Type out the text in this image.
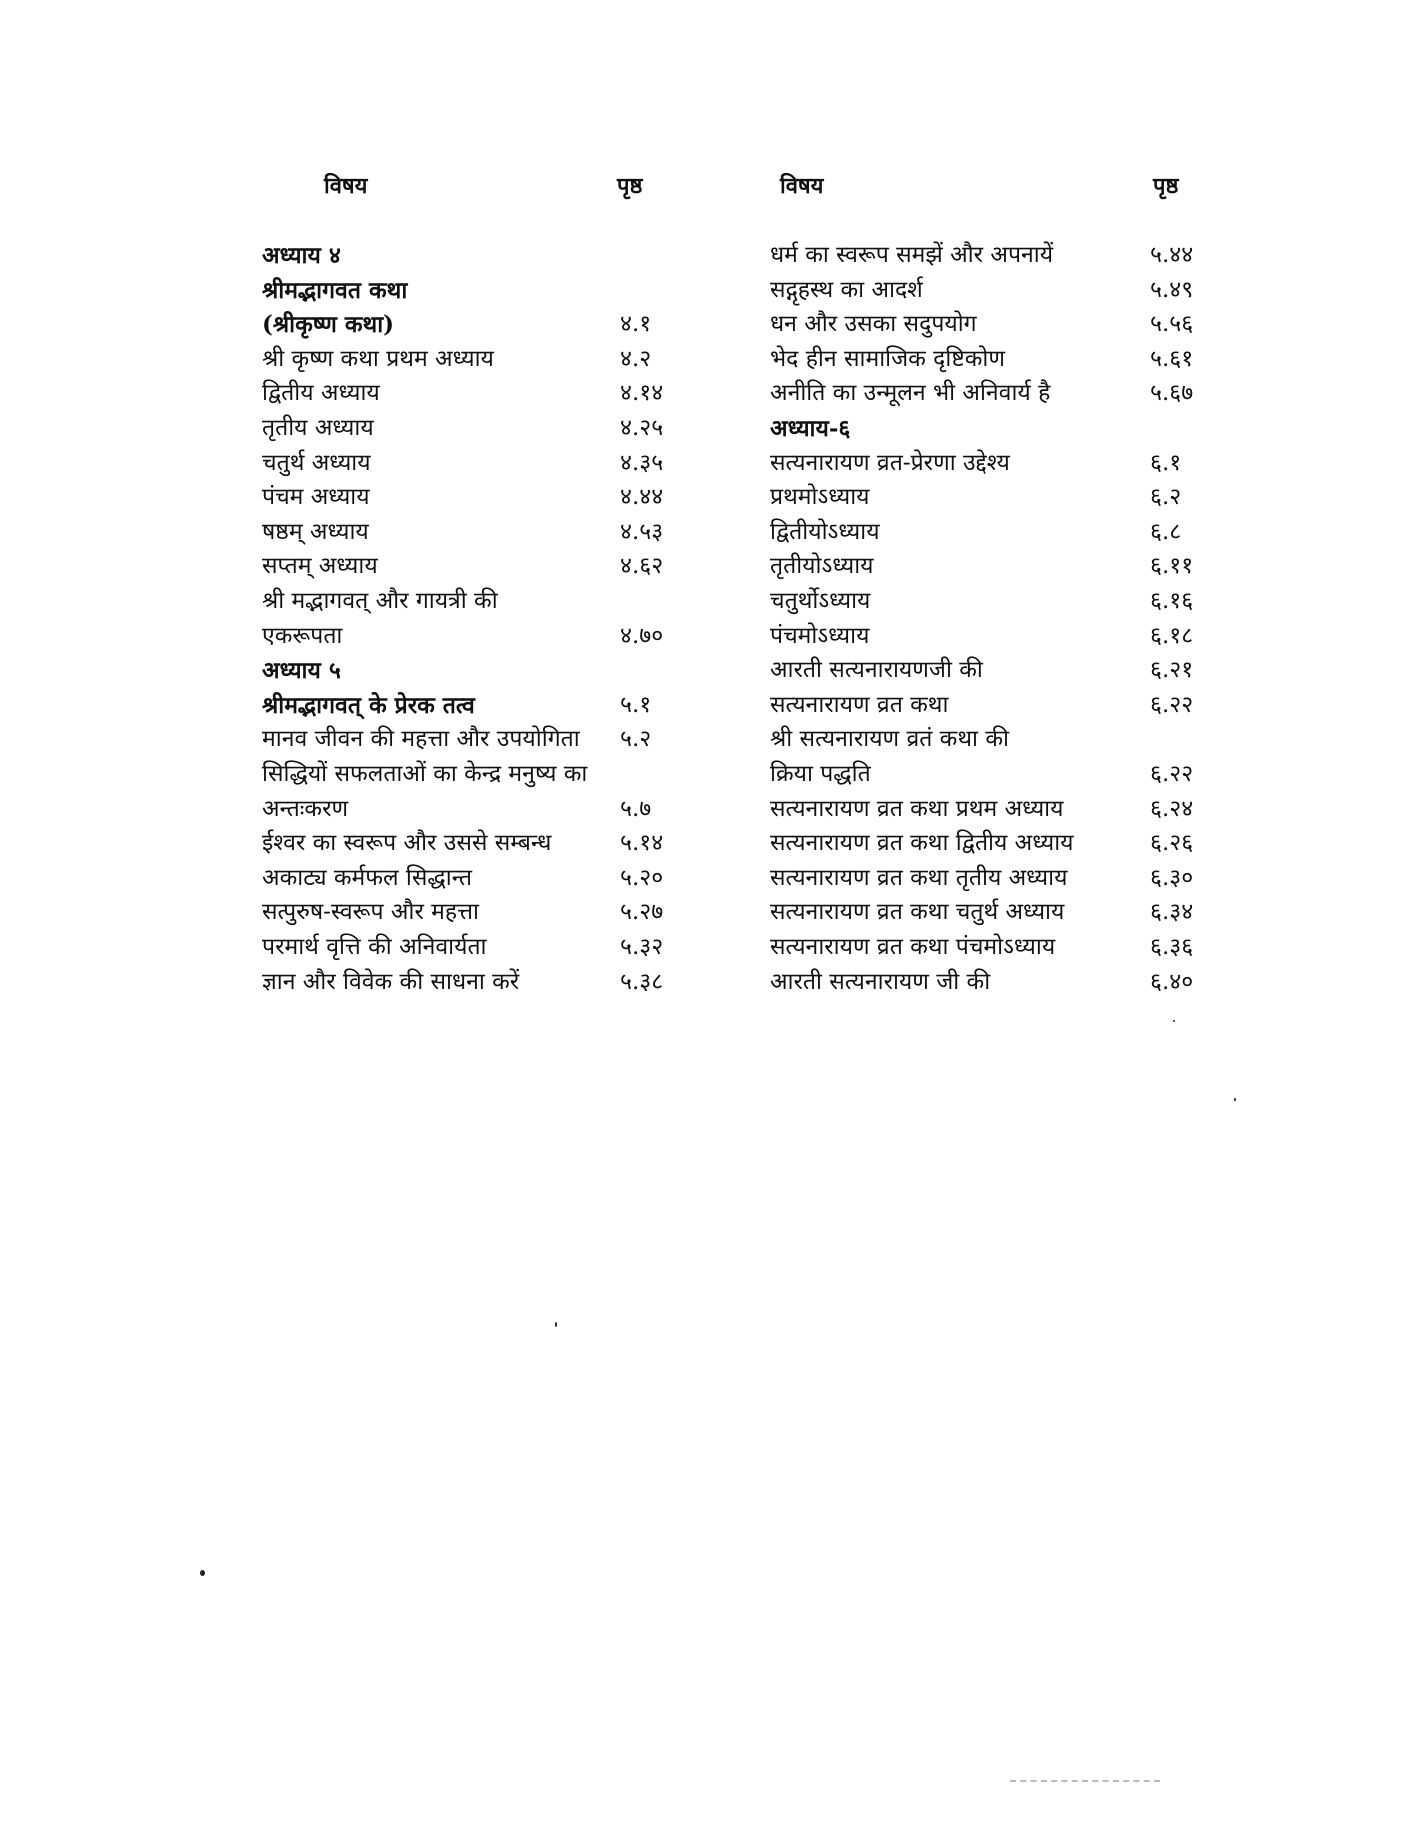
विषय	पृष्ठ
अध्याय ४
श्रीमद्भागवत कथा
(श्रीकृष्ण कथा)	४.१
श्री कृष्ण कथा प्रथम अध्याय	४.२
द्वितीय अध्याय	४.१४
तृतीय अध्याय	४.२५
चतुर्थ अध्याय	४.३५
पंचम अध्याय	४.४४
षष्ठम् अध्याय	४.५३
सप्तम् अध्याय	४.६२
श्री मद्भागवत् और गायत्री की
एकरूपता	४.७०
अध्याय ५
श्रीमद्भागवत् के प्रेरक तत्व	५.१
मानव जीवन की महत्ता और उपयोगिता ५.२
सिद्धियों सफलताओं का केन्द्र मनुष्य का
अन्तःकरण	५.७
ईश्वर का स्वरूप और उससे सम्बन्ध	५.१४
अकाट्य कर्मफल सिद्धान्त	५.२०
सत्पुरुष-स्वरूप और महत्ता	५.२७
परमार्थ वृत्ति की अनिवार्यता	५.३२
ज्ञान और विवेक की साधना करें	५.३८
विषय	पृष्ठ
धर्म का स्वरूप समझें और अपनायें	५.४४
सद्गृहस्थ का आदर्श	५.४९
धन और उसका सदुपयोग	५.५६
भेद हीन सामाजिक दृष्टिकोण	५.६१
अनीति का उन्मूलन भी अनिवार्य है	५.६७
अध्याय-६
सत्यनारायण व्रत-प्रेरणा उद्देश्य	६.१
प्रथमोऽध्याय	६.२
द्वितीयोऽध्याय	६.८
तृतीयोऽध्याय	६.११
चतुर्थोऽध्याय	६.१६
पंचमोऽध्याय	६.१८
आरती सत्यनारायणजी की	६.२१
सत्यनारायण व्रत कथा	६.२२
श्री सत्यनारायण व्रतं कथा की
क्रिया पद्धति	६.२२
सत्यनारायण व्रत कथा प्रथम अध्याय	६.२४
सत्यनारायण व्रत कथा द्वितीय अध्याय	६.२६
सत्यनारायण व्रत कथा तृतीय अध्याय	६.३०
सत्यनारायण व्रत कथा चतुर्थ अध्याय	६.३४
सत्यनारायण व्रत कथा पंचमोऽध्याय	६.३६
आरती सत्यनारायण जी की	६.४०
